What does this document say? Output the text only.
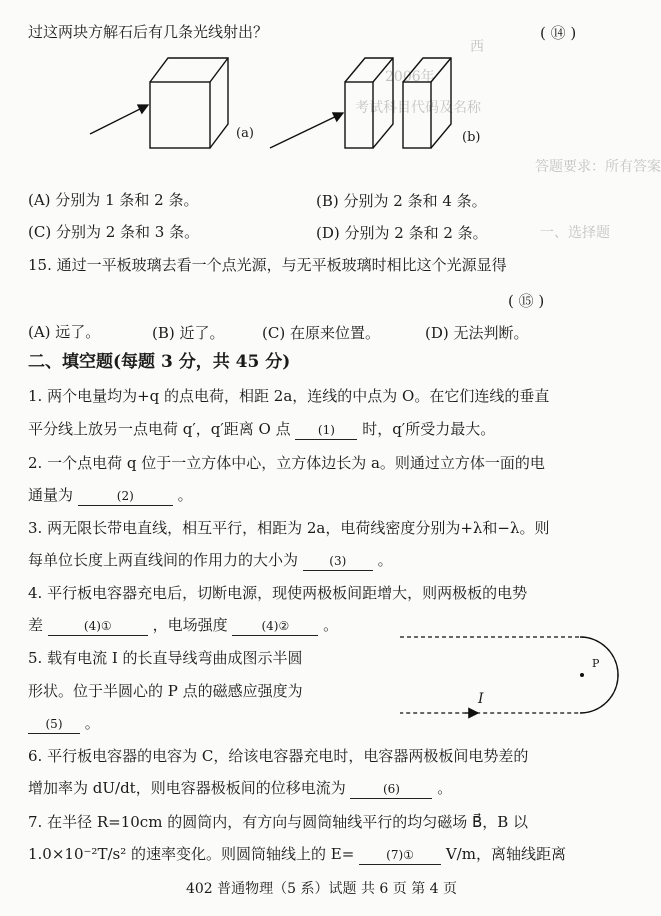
西
2006年
考试科目代码及名称
答题要求：所有答案
一、选择题
过这两块方解石后有几条光线射出？	( ⑭ )
(a)	(b)
(A) 分别为 1 条和 2 条。	(B) 分别为 2 条和 4 条。
(C) 分别为 2 条和 3 条。	(D) 分别为 2 条和 2 条。
15. 通过一平板玻璃去看一个点光源，与无平板玻璃时相比这个光源显得
( ⑮ )
(A) 远了。	(B) 近了。	(C) 在原来位置。	(D) 无法判断。
二、填空题(每题 3 分，共 45 分)
1. 两个电量均为+q 的点电荷，相距 2a，连线的中点为 O。在它们连线的垂直
平分线上放另一点电荷 q′，q′距离 O 点 (1) 时，q′所受力最大。
2. 一个点电荷 q 位于一立方体中心，立方体边长为 a。则通过立方体一面的电
通量为	(2)	。
3. 两无限长带电直线，相互平行，相距为 2a，电荷线密度分别为+λ和−λ。则
每单位长度上两直线间的作用力的大小为	(3) 。
4. 平行板电容器充电后，切断电源，现使两极板间距增大，则两极板的电势
差	(4)①	，电场强度	(4)② 。
5. 载有电流 I 的长直导线弯曲成图示半圆
形状。位于半圆心的 P 点的磁感应强度为
(5) 。
P
I
6. 平行板电容器的电容为 C，给该电容器充电时，电容器两极板间电势差的
增加率为 dU/dt，则电容器极板间的位移电流为	(6) 。
7. 在半径 R=10cm 的圆筒内，有方向与圆筒轴线平行的均匀磁场 B⃗，B 以
1.0×10⁻²T/s² 的速率变化。则圆筒轴线上的 E=	(7)① V/m，离轴线距离
402 普通物理（5 系）试题 共 6 页 第 4 页
